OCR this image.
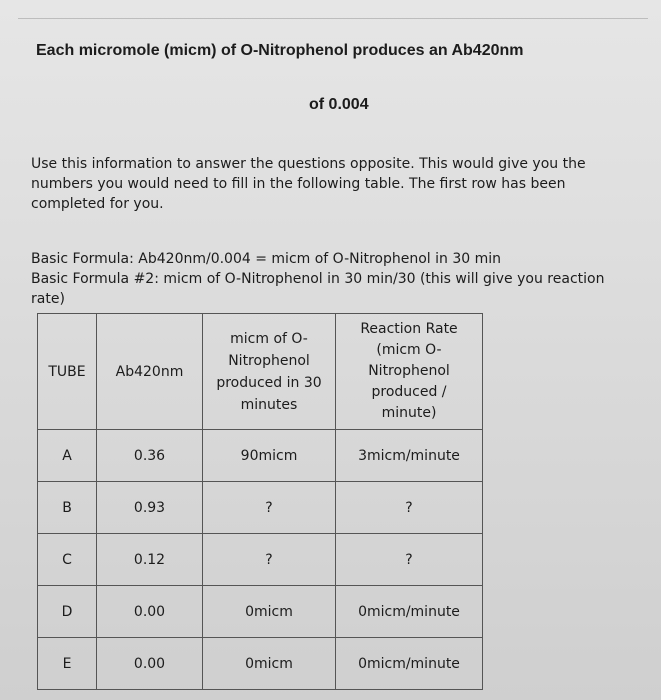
Each micromole (micm) of O-Nitrophenol produces an Ab420nm
of 0.004
Use this information to answer the questions opposite. This would give you the numbers you would need to fill in the following table. The first row has been completed for you.
Basic Formula: Ab420nm/0.004 = micm of O-Nitrophenol in 30 min
Basic Formula #2: micm of O-Nitrophenol in 30 min/30 (this will give you reaction rate)
TUBE	Ab420nm	micm of O-
Nitrophenol
produced in 30
minutes	Reaction Rate
(micm O-
Nitrophenol
produced /
minute)

A	0.36	90micm	3micm/minute
B	0.93	?	?
C	0.12	?	?
D	0.00	0micm	0micm/minute
E	0.00	0micm	0micm/minute
